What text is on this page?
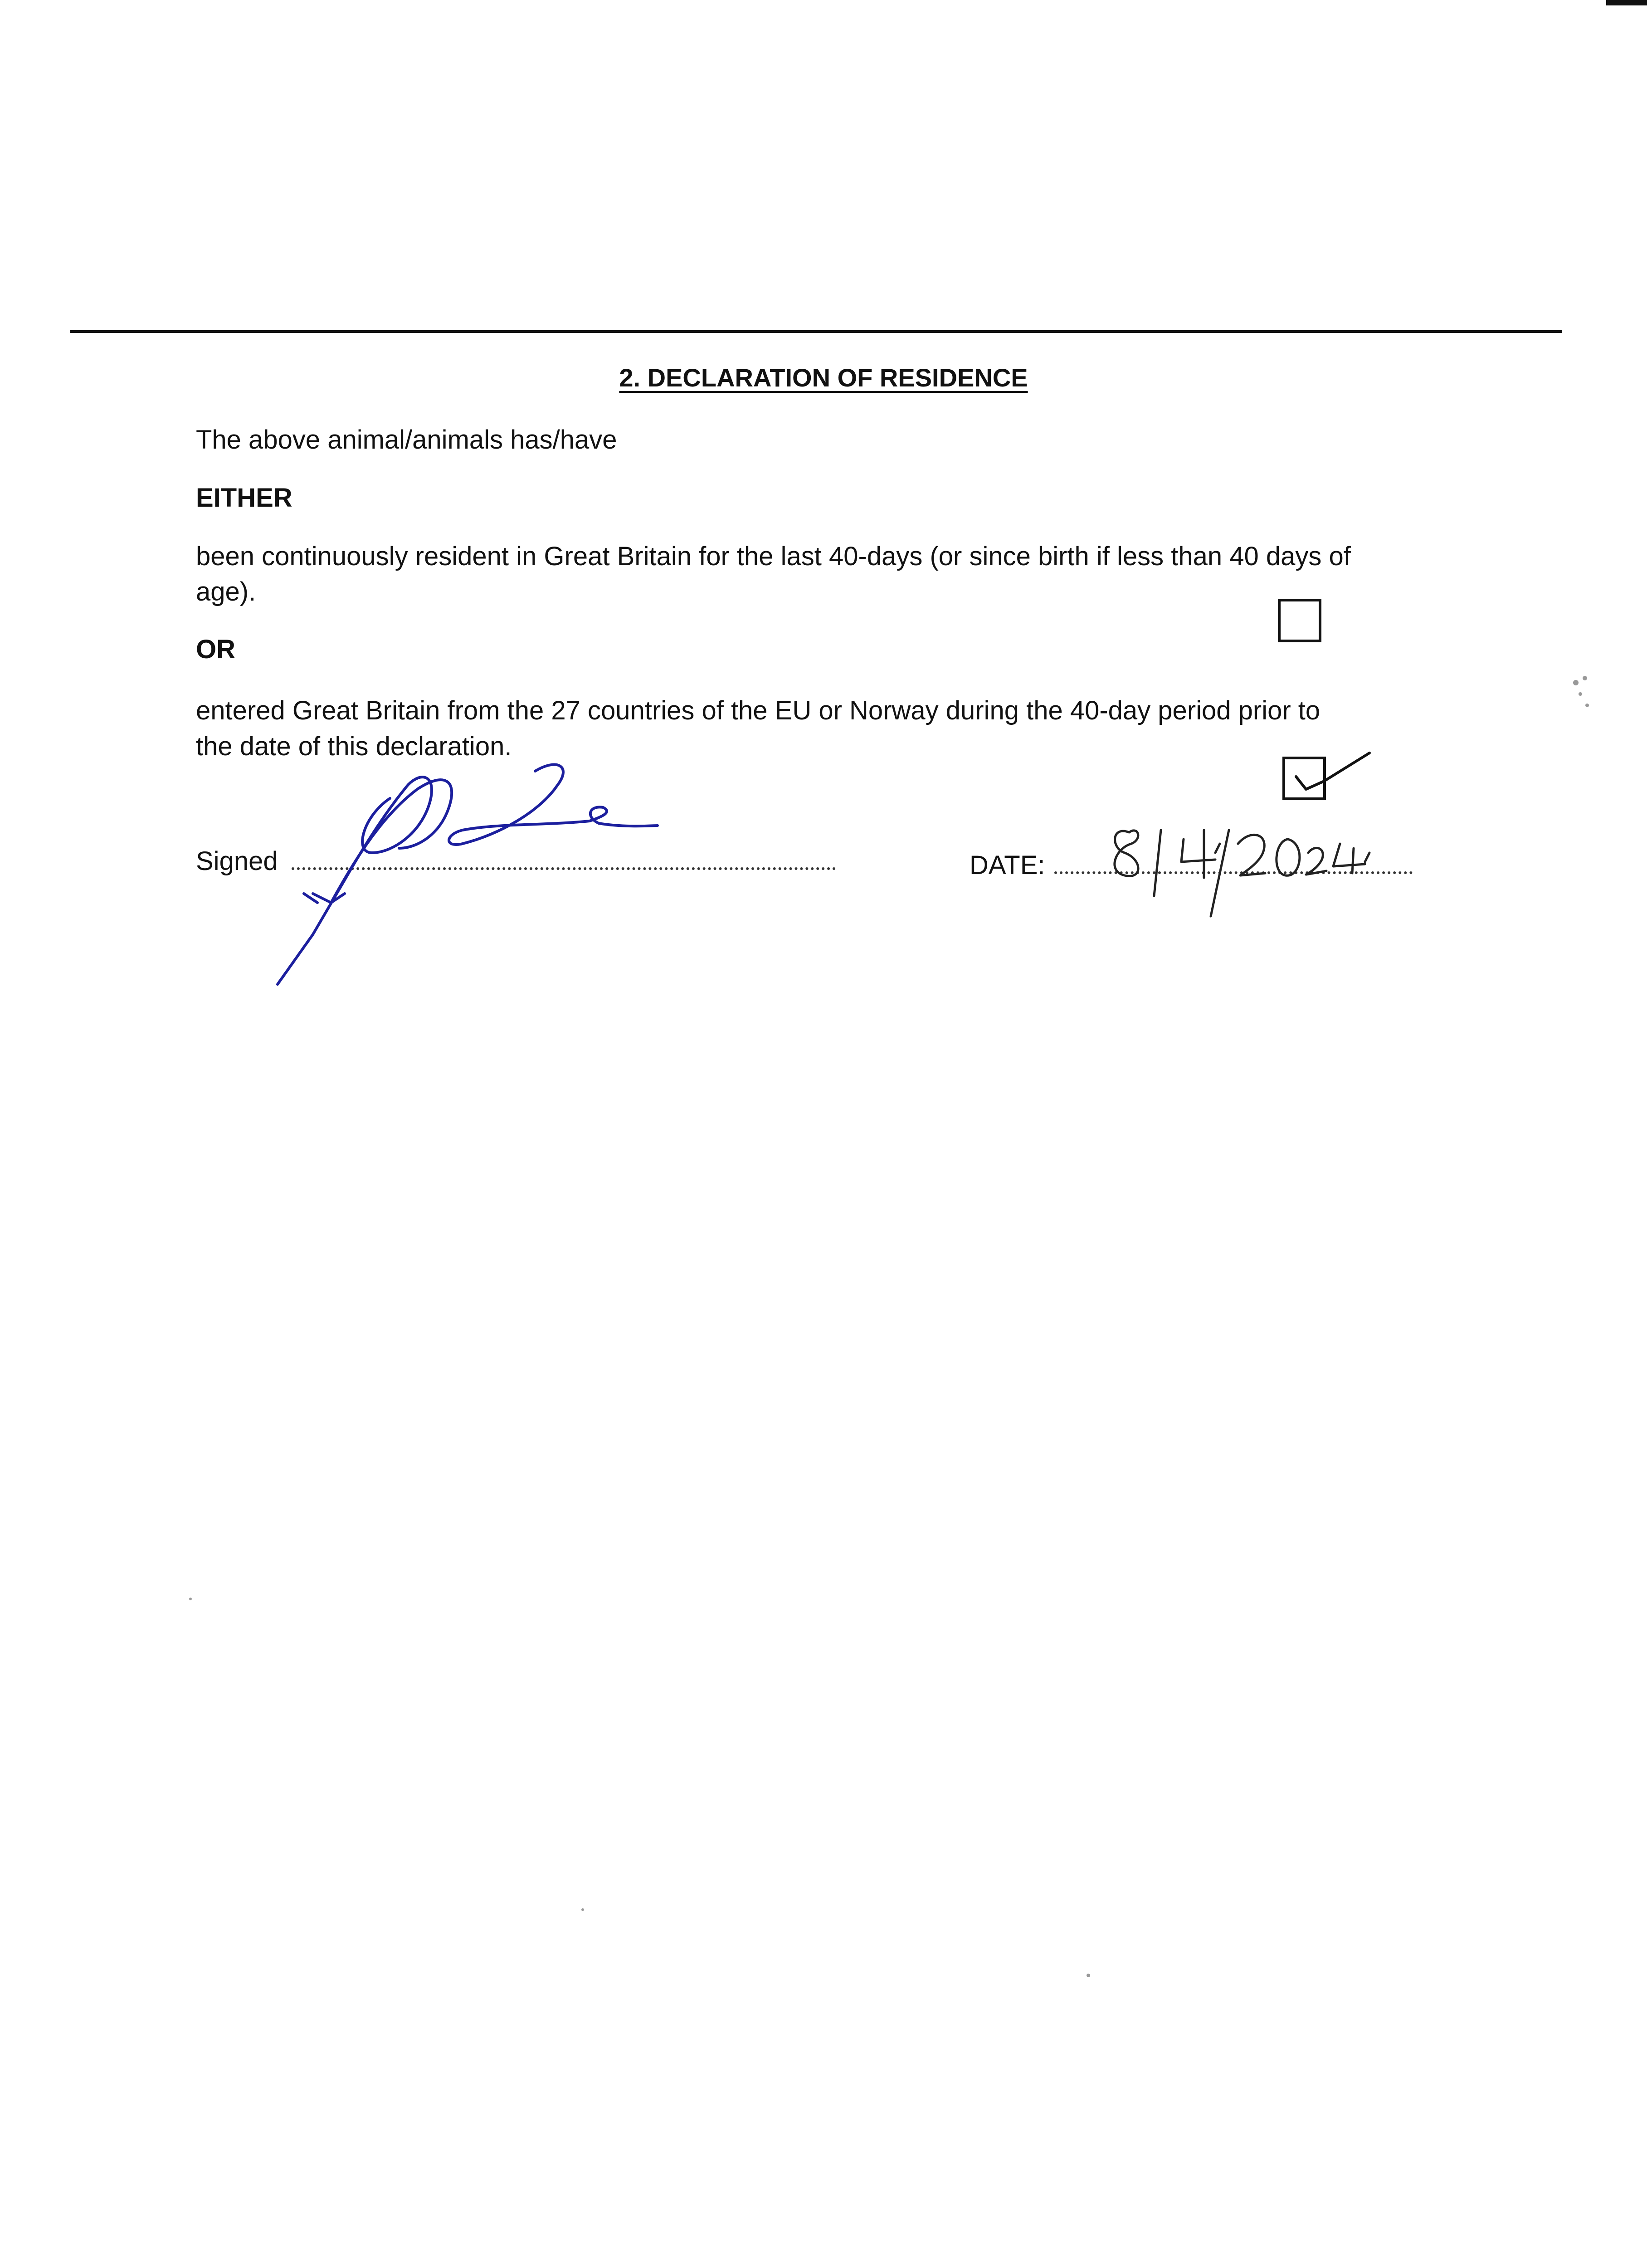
2. DECLARATION OF RESIDENCE
The above animal/animals has/have
EITHER
been continuously resident in Great Britain for the last 40-days (or since birth if less than 40 days of
age).
OR
entered Great Britain from the 27 countries of the EU or Norway during the 40-day period prior to
the date of this declaration.
Signed	DATE:
